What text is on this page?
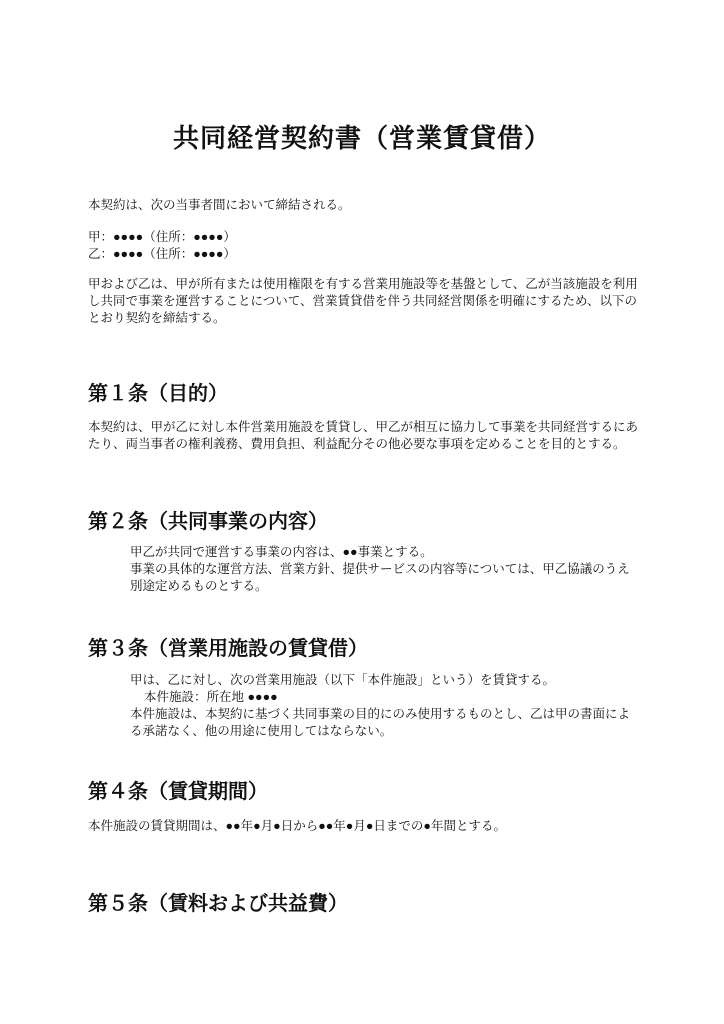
共同経営契約書（営業賃貸借）
本契約は、次の当事者間において締結される。
甲：●●●●（住所：●●●●）
乙：●●●●（住所：●●●●）
甲および乙は、甲が所有または使用権限を有する営業用施設等を基盤として、乙が当該施設を利用し共同で事業を運営することについて、営業賃貸借を伴う共同経営関係を明確にするため、以下のとおり契約を締結する。
第１条（目的）
本契約は、甲が乙に対し本件営業用施設を賃貸し、甲乙が相互に協力して事業を共同経営するにあたり、両当事者の権利義務、費用負担、利益配分その他必要な事項を定めることを目的とする。
第２条（共同事業の内容）
甲乙が共同で運営する事業の内容は、●●事業とする。
事業の具体的な運営方法、営業方針、提供サービスの内容等については、甲乙協議のうえ別途定めるものとする。
第３条（営業用施設の賃貸借）
甲は、乙に対し、次の営業用施設（以下「本件施設」という）を賃貸する。
本件施設：所在地 ●●●●
本件施設は、本契約に基づく共同事業の目的にのみ使用するものとし、乙は甲の書面による承諾なく、他の用途に使用してはならない。
第４条（賃貸期間）
本件施設の賃貸期間は、●●年●月●日から●●年●月●日までの●年間とする。
第５条（賃料および共益費）
